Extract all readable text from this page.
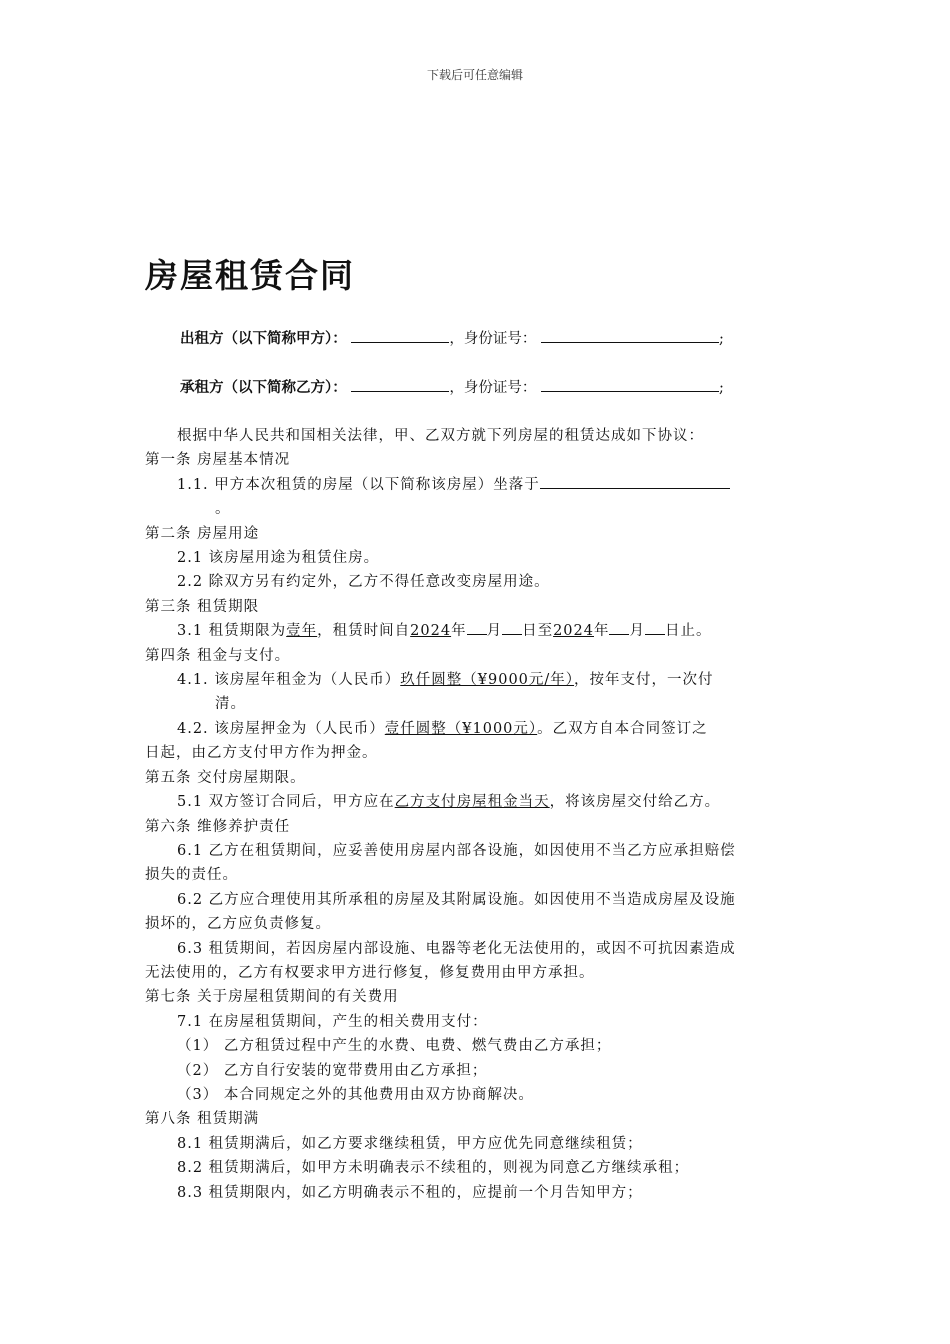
下载后可任意编辑
房屋租赁合同
出租方（以下简称甲方）：	，身份证号：	;
承租方（以下简称乙方）：	，身份证号：	;
根据中华人民共和国相关法律，甲、乙双方就下列房屋的租赁达成如下协议：
第一条 房屋基本情况
1.1. 甲方本次租赁的房屋（以下简称该房屋）坐落于
。
第二条 房屋用途
2.1 该房屋用途为租赁住房。
2.2 除双方另有约定外，乙方不得任意改变房屋用途。
第三条 租赁期限
3.1 租赁期限为壹年，租赁时间自2024年 月 日至2024年 月 日止。
第四条 租金与支付。
4.1. 该房屋年租金为（人民币）玖仟圆整（¥9000元/年），按年支付，一次付
清。
4.2. 该房屋押金为（人民币）壹仟圆整（¥1000元）。乙双方自本合同签订之
日起，由乙方支付甲方作为押金。
第五条 交付房屋期限。
5.1 双方签订合同后，甲方应在乙方支付房屋租金当天，将该房屋交付给乙方。
第六条 维修养护责任
6.1 乙方在租赁期间，应妥善使用房屋内部各设施，如因使用不当乙方应承担赔偿
损失的责任。
6.2 乙方应合理使用其所承租的房屋及其附属设施。如因使用不当造成房屋及设施
损坏的，乙方应负责修复。
6.3 租赁期间，若因房屋内部设施、电器等老化无法使用的，或因不可抗因素造成
无法使用的，乙方有权要求甲方进行修复，修复费用由甲方承担。
第七条 关于房屋租赁期间的有关费用
7.1 在房屋租赁期间，产生的相关费用支付：
（1） 乙方租赁过程中产生的水费、电费、燃气费由乙方承担；
（2） 乙方自行安装的宽带费用由乙方承担；
（3） 本合同规定之外的其他费用由双方协商解决。
第八条 租赁期满
8.1 租赁期满后，如乙方要求继续租赁，甲方应优先同意继续租赁；
8.2 租赁期满后，如甲方未明确表示不续租的，则视为同意乙方继续承租；
8.3 租赁期限内，如乙方明确表示不租的，应提前一个月告知甲方；
